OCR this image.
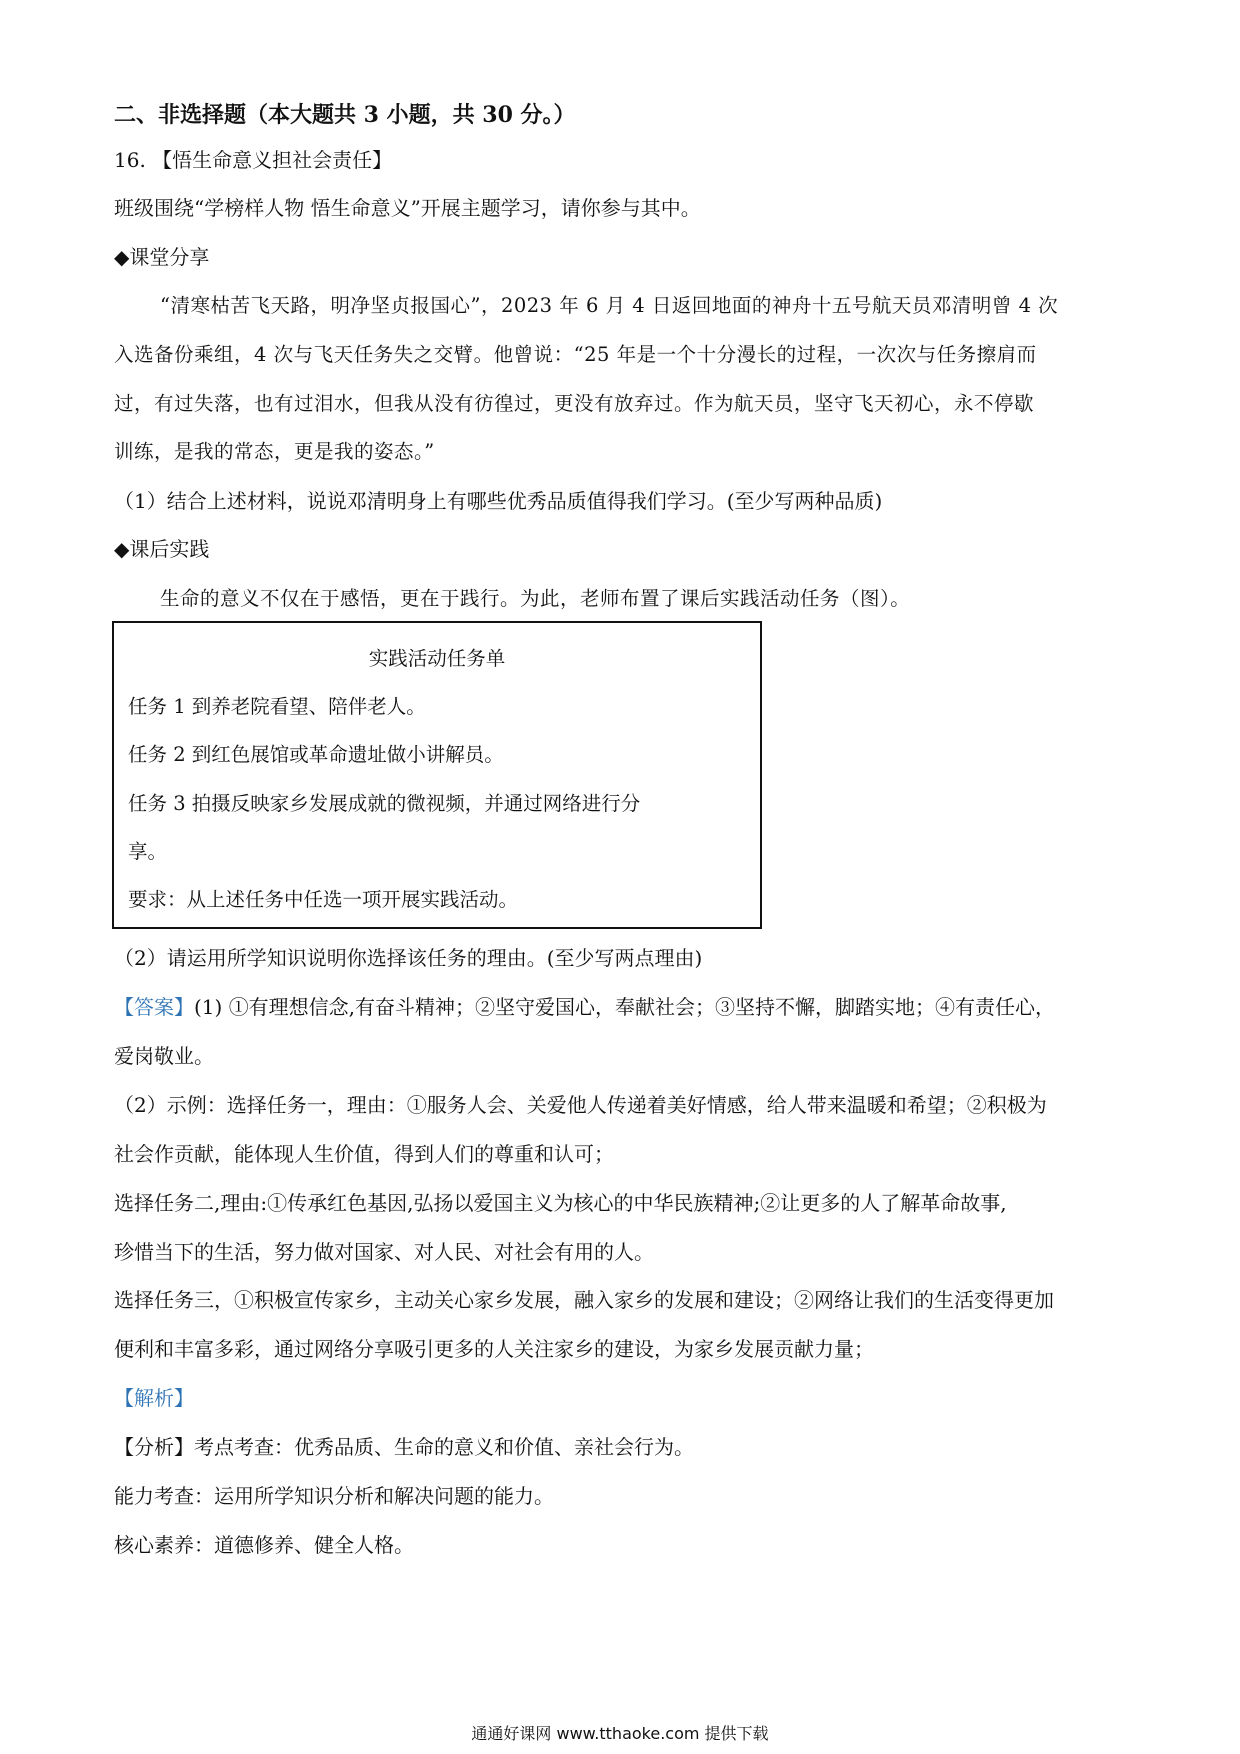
二、非选择题（本大题共 3 小题，共 30 分。）
16. 【悟生命意义担社会责任】
班级围绕“学榜样人物 悟生命意义”开展主题学习，请你参与其中。
◆课堂分享
“清寒枯苦飞天路，明净坚贞报国心”，2023 年 6 月 4 日返回地面的神舟十五号航天员邓清明曾 4 次
入选备份乘组，4 次与飞天任务失之交臂。他曾说：“25 年是一个十分漫长的过程，一次次与任务擦肩而
过，有过失落，也有过泪水，但我从没有彷徨过，更没有放弃过。作为航天员，坚守飞天初心，永不停歇
训练，是我的常态，更是我的姿态。”
（1）结合上述材料，说说邓清明身上有哪些优秀品质值得我们学习。(至少写两种品质)
◆课后实践
生命的意义不仅在于感悟，更在于践行。为此，老师布置了课后实践活动任务（图）。
实践活动任务单
任务 1 到养老院看望、陪伴老人。
任务 2 到红色展馆或革命遗址做小讲解员。
任务 3 拍摄反映家乡发展成就的微视频，并通过网络进行分
享。
要求：从上述任务中任选一项开展实践活动。
（2）请运用所学知识说明你选择该任务的理由。(至少写两点理由)
【答案】(1) ①有理想信念,有奋斗精神；②坚守爱国心，奉献社会；③坚持不懈，脚踏实地；④有责任心，
爱岗敬业。
（2）示例：选择任务一，理由：①服务人会、关爱他人传递着美好情感，给人带来温暖和希望；②积极为
社会作贡献，能体现人生价值，得到人们的尊重和认可；
选择任务二,理由:①传承红色基因,弘扬以爱国主义为核心的中华民族精神;②让更多的人了解革命故事,
珍惜当下的生活，努力做对国家、对人民、对社会有用的人。
选择任务三，①积极宣传家乡，主动关心家乡发展，融入家乡的发展和建设；②网络让我们的生活变得更加
便利和丰富多彩，通过网络分享吸引更多的人关注家乡的建设，为家乡发展贡献力量；
【解析】
【分析】考点考查：优秀品质、生命的意义和价值、亲社会行为。
能力考查：运用所学知识分析和解决问题的能力。
核心素养：道德修养、健全人格。
通通好课网 www.tthaoke.com 提供下载
